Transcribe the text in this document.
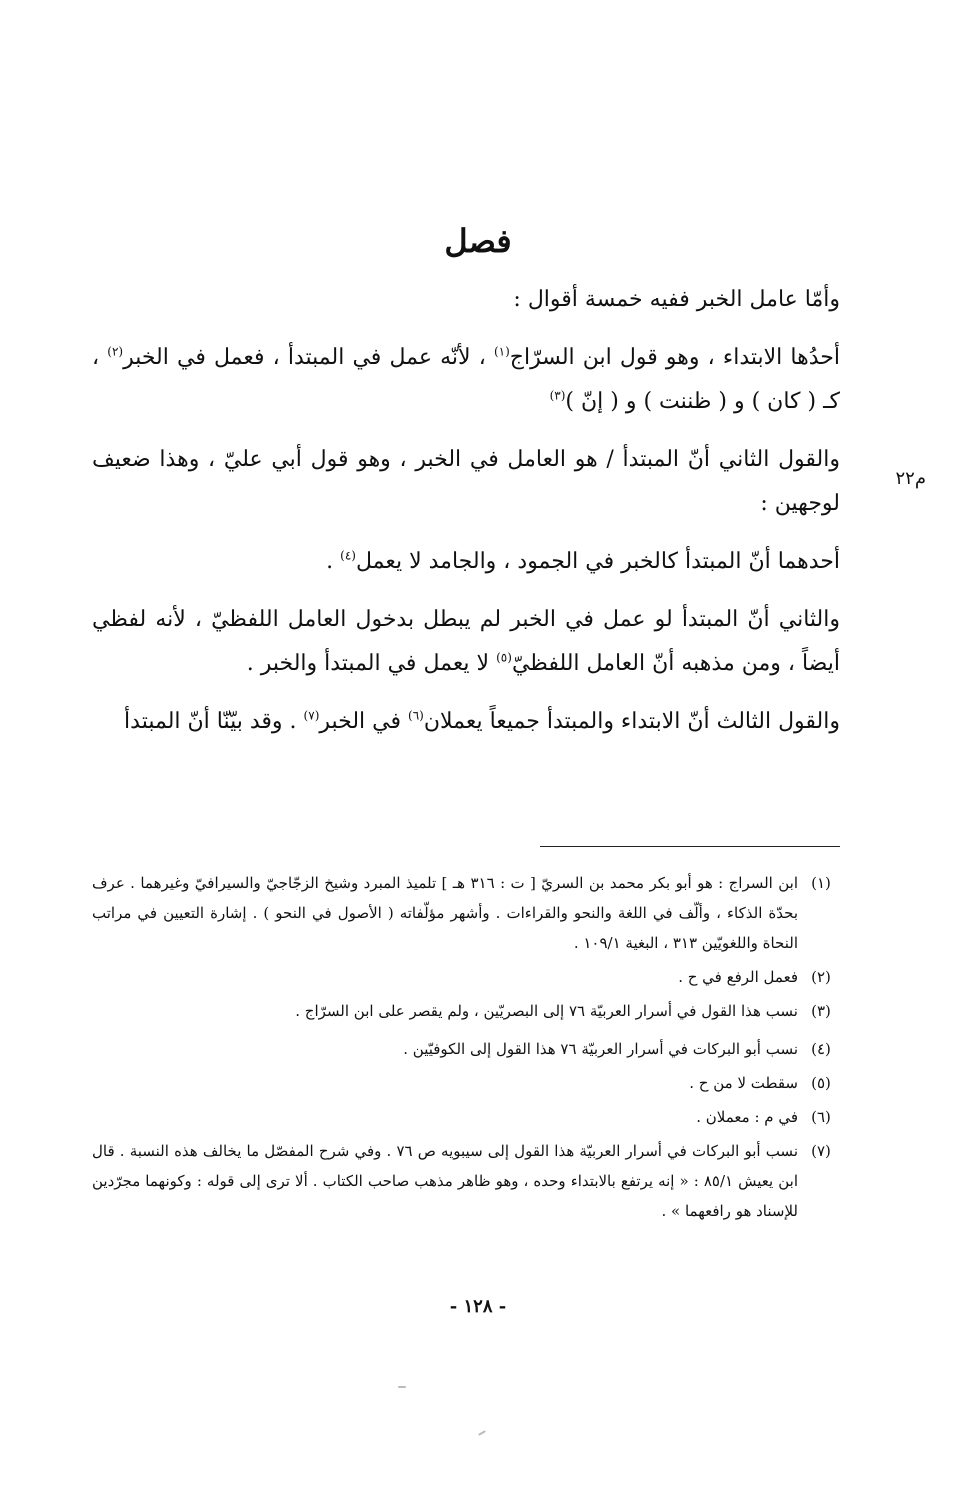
فصل
م٢٢

وأمّا عامل الخبر ففيه خمسة أقوال :

أحدُها الابتداء ، وهو قول ابن السرّاج$^{(١)}$ ، لأنّه عمل في المبتدأ ، فعمل في الخبر$^{(٢)}$ ، كـ ( كان ) و ( ظننت ) و ( إنّ )$^{(٣)}$

والقول الثاني أنّ المبتدأ / هو العامل في الخبر ، وهو قول أبي عليّ ، وهذا ضعيف لوجهين :

أحدهما أنّ المبتدأ كالخبر في الجمود ، والجامد لا يعمل$^{(٤)}$ .

والثاني أنّ المبتدأ لو عمل في الخبر لم يبطل بدخول العامل اللفظيّ ، لأنه لفظي أيضاً ، ومن مذهبه أنّ العامل اللفظيّ$^{(٥)}$ لا يعمل في المبتدأ والخبر .

والقول الثالث أنّ الابتداء والمبتدأ جميعاً يعملان$^{(٦)}$ في الخبر$^{(٧)}$ . وقد بيّنّا أنّ المبتدأ

(١)
ابن السراج : هو أبو بكر محمد بن السريّ [ ت : ٣١٦ هـ ] تلميذ المبرد وشيخ الزجّاجيّ والسيرافيّ وغيرهما . عرف بحدّة الذكاء ، وألّف في اللغة والنحو والقراءات . وأشهر مؤلّفاته ( الأصول في النحو ) . إشارة التعيين في مراتب النحاة واللغويّين ٣١٣ ، البغية ١٠٩/١ .
(٢)
فعمل الرفع في ح .
(٣)
نسب هذا القول في أسرار العربيّة ٧٦ إلى البصريّين ، ولم يقصر على ابن السرّاج .
(٤)
نسب أبو البركات في أسرار العربيّة ٧٦ هذا القول إلى الكوفيّين .
(٥)
سقطت لا من ح .
(٦)
في م : معملان .
(٧)
نسب أبو البركات في أسرار العربيّة هذا القول إلى سيبويه ص ٧٦ . وفي شرح المفصّل ما يخالف هذه النسبة . قال ابن يعيش ٨٥/١ : « إنه يرتفع بالابتداء وحده ، وهو ظاهر مذهب صاحب الكتاب . ألا ترى إلى قوله : وكونهما مجرّدين للإسناد هو رافعهما » .
- ١٢٨ -
